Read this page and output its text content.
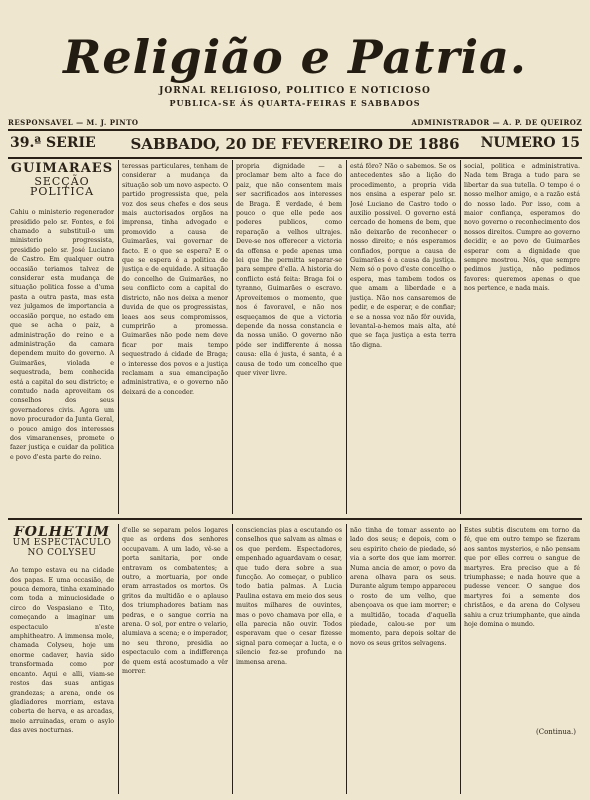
Religião e Patria.
JORNAL RELIGIOSO, POLITICO E NOTICIOSO
PUBLICA-SE ÁS QUARTA-FEIRAS E SABBADOS
RESPONSAVEL — M. J. PINTO	ADMINISTRADOR — A. P. DE QUEIROZ
39.ª SERIE	SABBADO, 20 DE FEVEREIRO DE 1886	NUMERO 15
GUIMARÃES
SECÇÃO POLITICA

Cahiu o ministerio regenerador presidido pelo sr. Fontes, e foi chamado a substituil-o um ministerio progressista, presidido pelo sr. José Luciano de Castro. Em qualquer outra occasião teriamos talvez de considerar esta mudança de situação politica fosse a d'uma pasta a outra pasta, mas esta vez julgamos de importancia a occasião porque, no estado em que se acha o paiz, a administração do reino e a administração da camara dependem muito do governo. A Guimarães, violada e sequestrada, bem conhecida está a capital do seu districto; e comtudo nada aproveitam os conselhos dos seus governadores civis. Agora um novo procurador da Junta Geral, o pouco amigo dos interesses dos vimaranenses, promete o fazer justiça e cuidar da politica e povo d'esta parte do reino.

teressas particulares, tenham de considerar a mudança da situação sob um novo aspecto. O partido progressista que, pela voz dos seus chefes e dos seus mais auctorisados orgãos na imprensa, tinha advogado e promovido a causa de Guimarães, vai governar de facto. E o que se espera? E o que se espera é a politica de justiça e de equidade. A situação do concelho de Guimarães, no seu conflicto com a capital do districto, não nos deixa a menor duvida de que os progressistas, leaes aos seus compromissos, cumprirão a promessa. Guimarães não pode nem deve ficar por mais tempo sequestrado á cidade de Braga; o interesse dos povos e a justiça reclamam a sua emancipação administrativa, e o governo não deixará de a conceder.

propria dignidade — a proclamar bem alto a face do paiz, que não consentem mais ser sacrificados aos interesses de Braga. É verdade, é bem pouco o que elle pede aos poderes publicos, como reparação a velhos ultrajes. Deve-se nos offerecer a victoria da offensa e pede apenas uma lei que lhe permitta separar-se para sempre d'ella. A historia do conflicto está feita: Braga foi o tyranno, Guimarães o escravo. Aproveitemos o momento, que nos é favoravel, e não nos esqueçamos de que a victoria depende da nossa constancia e da nossa união. O governo não póde ser indifferente á nossa causa: ella é justa, é santa, é a causa de todo um concelho que quer viver livre.

está fôro? Não o sabemos. Se os antecedentes são a lição do procedimento, a propria vida nos ensina a esperar pelo sr. José Luciano de Castro todo o auxilio possivel. O governo está cercado de homens de bem, que não deixarão de reconhecer o nosso direito; e nós esperamos confiados, porque a causa de Guimarães é a causa da justiça. Nem só o povo d'este concelho o espera, mas tambem todos os que amam a liberdade e a justiça. Não nos cansaremos de pedir, e de esperar, e de confiar; e se a nossa voz não fôr ouvida, levantal-a-hemos mais alta, até que se faça justiça a esta terra tão digna.

social, politica e administrativa. Nada tem Braga a tudo para se libertar da sua tutella. O tempo é o nosso melhor amigo, e a razão está do nosso lado. Por isso, com a maior confiança, esperamos do novo governo o reconhecimento dos nossos direitos. Cumpre ao governo decidir, e ao povo de Guimarães esperar com a dignidade que sempre mostrou. Nós, que sempre pedimos justiça, não pedimos favores: queremos apenas o que nos pertence, e nada mais.

FOLHETIM
UM ESPECTACULO NO COLYSEU

Ao tempo estava eu na cidade dos papas. E uma occasião, de pouca demora, tinha examinado com toda a minuciosidade o circo do Vespasiano e Tito, começando a imaginar um espectaculo n'este amphitheatro. A immensa mole, chamada Colyseu, hoje um enorme cadaver, havia sido transformada como por encanto. Aqui e alli, viam-se restos das suas antigas grandezas; a arena, onde os gladiadores morriam, estava coberta de herva, e as arcadas, meio arruinadas, eram o asylo das aves nocturnas.

d'elle se separam pelos logares que as ordens dos senhores occupavam. A um lado, vê-se a porta sanitaria, por onde entravam os combatentes; a outro, a mortuaria, por onde eram arrastados os mortos. Os gritos da multidão e o aplauso dos triumphadores batiam nas pedras, e o sangue corria na arena. O sol, por entre o velario, alumiava a scena; e o imperador, no seu throno, presidia ao espectaculo com a indifferença de quem está acostumado a vêr morrer.

consciencias pias a escutando os conselhos que salvam as almas e os que perdem. Espectadores, empenhado aguardavam o cesar, que tudo dera sobre a sua funcção. Ao começar, o publico todo batia palmas. A Lucia Paulina estava em meio dos seus muitos milhares de ouvintes, mas o povo chamava por ella, e ella parecia não ouvir. Todos esperavam que o cesar fizesse signal para começar a lucta, e o silencio fez-se profundo na immensa arena.

não tinha de tomar assento ao lado dos seus; e depois, com o seu espirito cheio de piedade, só via a sorte dos que iam morrer. Numa ancia de amor, o povo da arena olhava para os seus. Durante algum tempo appareceu o rosto de um velho, que abençoava os que iam morrer; e a multidão, tocada d'aquella piedade, calou-se por um momento, para depois soltar de novo os seus gritos selvagens.

Estes subtis discutem em torno da fé, que em outro tempo se fizeram aos santos mysterios, e não pensam que por elles correu o sangue de martyres. Era preciso que a fé triumphasse; e nada houve que a pudesse vencer. O sangue dos martyres foi a semente dos christãos, e da arena do Colyseu sahiu a cruz triumphante, que ainda hoje domina o mundo.

(Continua.)
